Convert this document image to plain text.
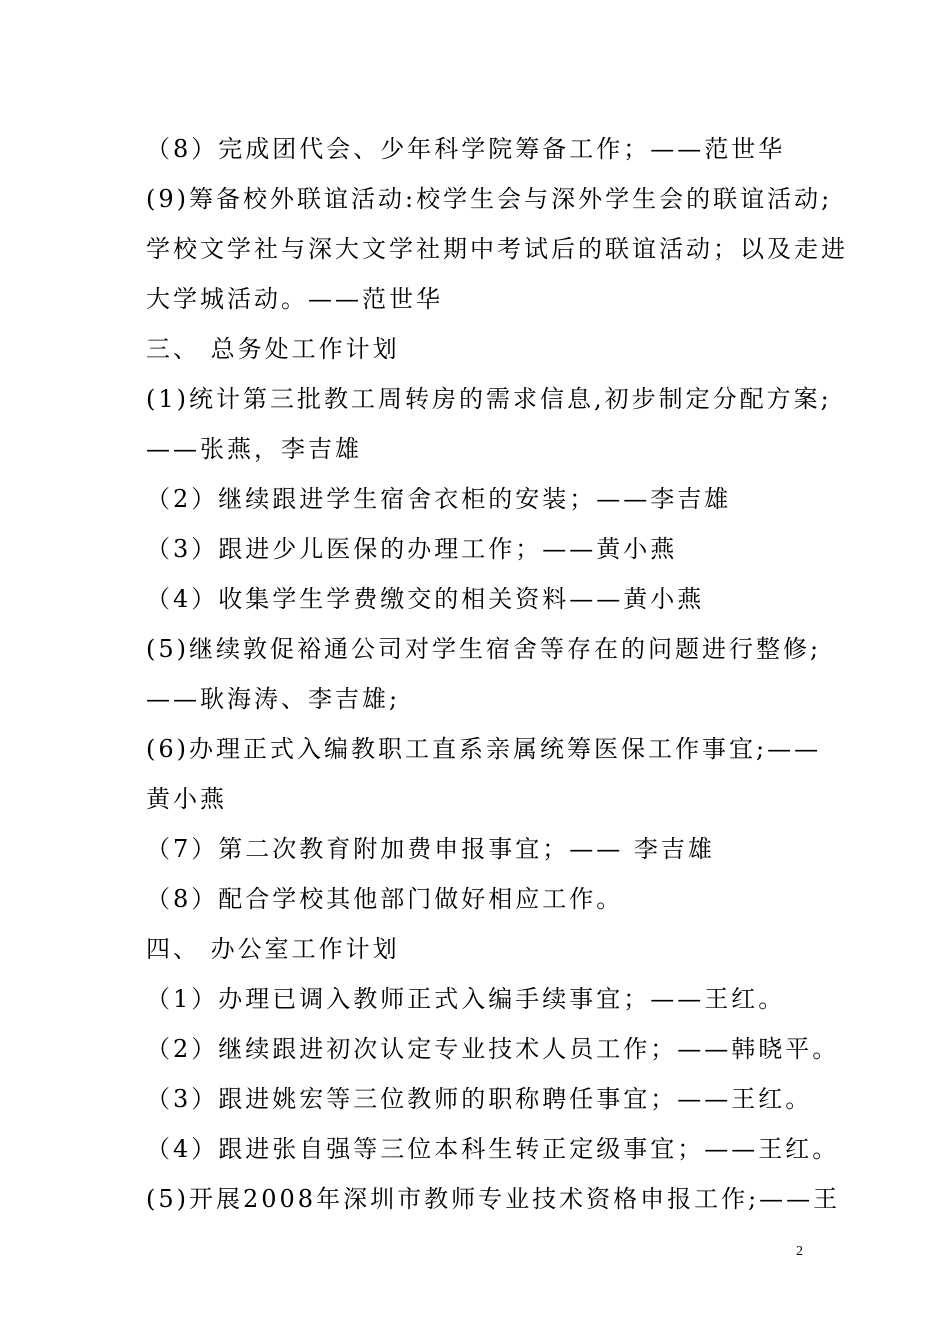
（8）完成团代会、少年科学院筹备工作；——范世华
(9)筹备校外联谊活动:校学生会与深外学生会的联谊活动;
学校文学社与深大文学社期中考试后的联谊活动；以及走进
大学城活动。——范世华
三、 总务处工作计划
(1)统计第三批教工周转房的需求信息,初步制定分配方案;
——张燕，李吉雄
（2）继续跟进学生宿舍衣柜的安装；——李吉雄
（3）跟进少儿医保的办理工作；——黄小燕
（4）收集学生学费缴交的相关资料——黄小燕
(5)继续敦促裕通公司对学生宿舍等存在的问题进行整修;
——耿海涛、李吉雄;
(6)办理正式入编教职工直系亲属统筹医保工作事宜;——
黄小燕
（7）第二次教育附加费申报事宜；—— 李吉雄
（8）配合学校其他部门做好相应工作。
四、 办公室工作计划
（1）办理已调入教师正式入编手续事宜；——王红。
（2）继续跟进初次认定专业技术人员工作；——韩晓平。
（3）跟进姚宏等三位教师的职称聘任事宜；——王红。
（4）跟进张自强等三位本科生转正定级事宜；——王红。
(5)开展2008年深圳市教师专业技术资格申报工作;——王
2
